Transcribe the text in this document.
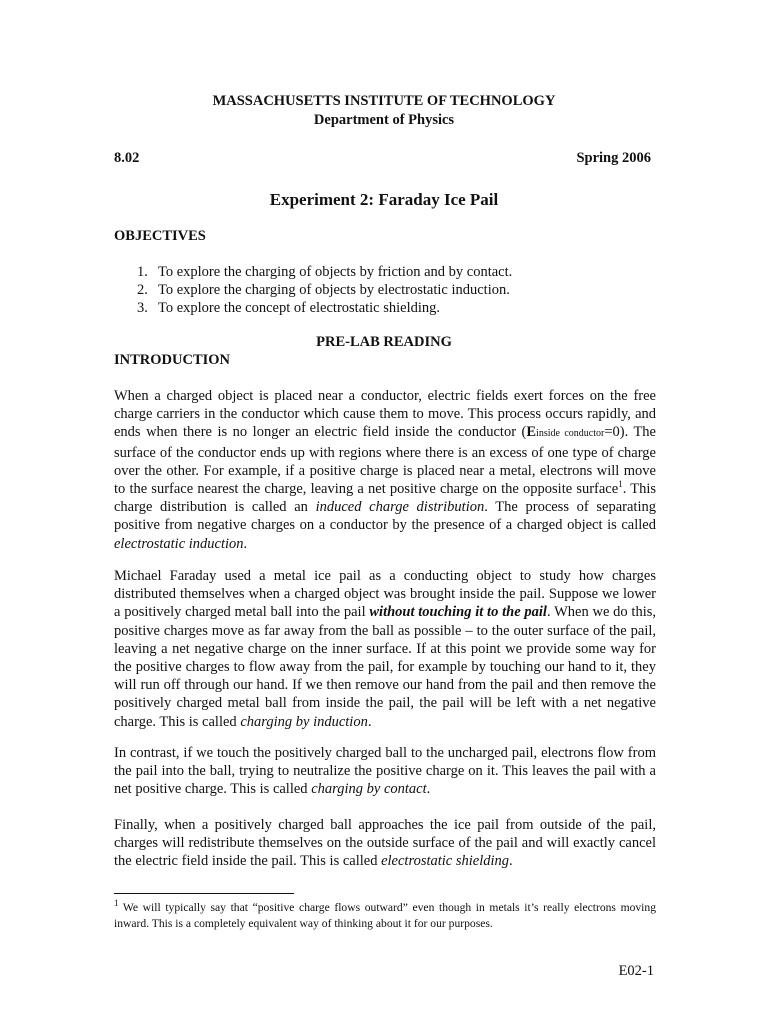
MASSACHUSETTS INSTITUTE OF TECHNOLOGY
Department of Physics
8.02	Spring 2006
Experiment 2: Faraday Ice Pail
OBJECTIVES
1. To explore the charging of objects by friction and by contact.
2. To explore the charging of objects by electrostatic induction.
3. To explore the concept of electrostatic shielding.
PRE-LAB READING
INTRODUCTION

When a charged object is placed near a conductor, electric fields exert forces on the free charge carriers in the conductor which cause them to move. This process occurs rapidly, and ends when there is no longer an electric field inside the conductor (Einside conductor=0). The surface of the conductor ends up with regions where there is an excess of one type of charge over the other. For example, if a positive charge is placed near a metal, electrons will move to the surface nearest the charge, leaving a net positive charge on the opposite surface$^1$. This charge distribution is called an induced charge distribution. The process of separating positive from negative charges on a conductor by the presence of a charged object is called electrostatic induction.

Michael Faraday used a metal ice pail as a conducting object to study how charges distributed themselves when a charged object was brought inside the pail. Suppose we lower a positively charged metal ball into the pail without touching it to the pail. When we do this, positive charges move as far away from the ball as possible – to the outer surface of the pail, leaving a net negative charge on the inner surface. If at this point we provide some way for the positive charges to flow away from the pail, for example by touching our hand to it, they will run off through our hand. If we then remove our hand from the pail and then remove the positively charged metal ball from inside the pail, the pail will be left with a net negative charge. This is called charging by induction.

In contrast, if we touch the positively charged ball to the uncharged pail, electrons flow from the pail into the ball, trying to neutralize the positive charge on it. This leaves the pail with a net positive charge. This is called charging by contact.

Finally, when a positively charged ball approaches the ice pail from outside of the pail, charges will redistribute themselves on the outside surface of the pail and will exactly cancel the electric field inside the pail. This is called electrostatic shielding.

$^1$ We will typically say that “positive charge flows outward” even though in metals it’s really electrons moving inward. This is a completely equivalent way of thinking about it for our purposes.
E02-1
